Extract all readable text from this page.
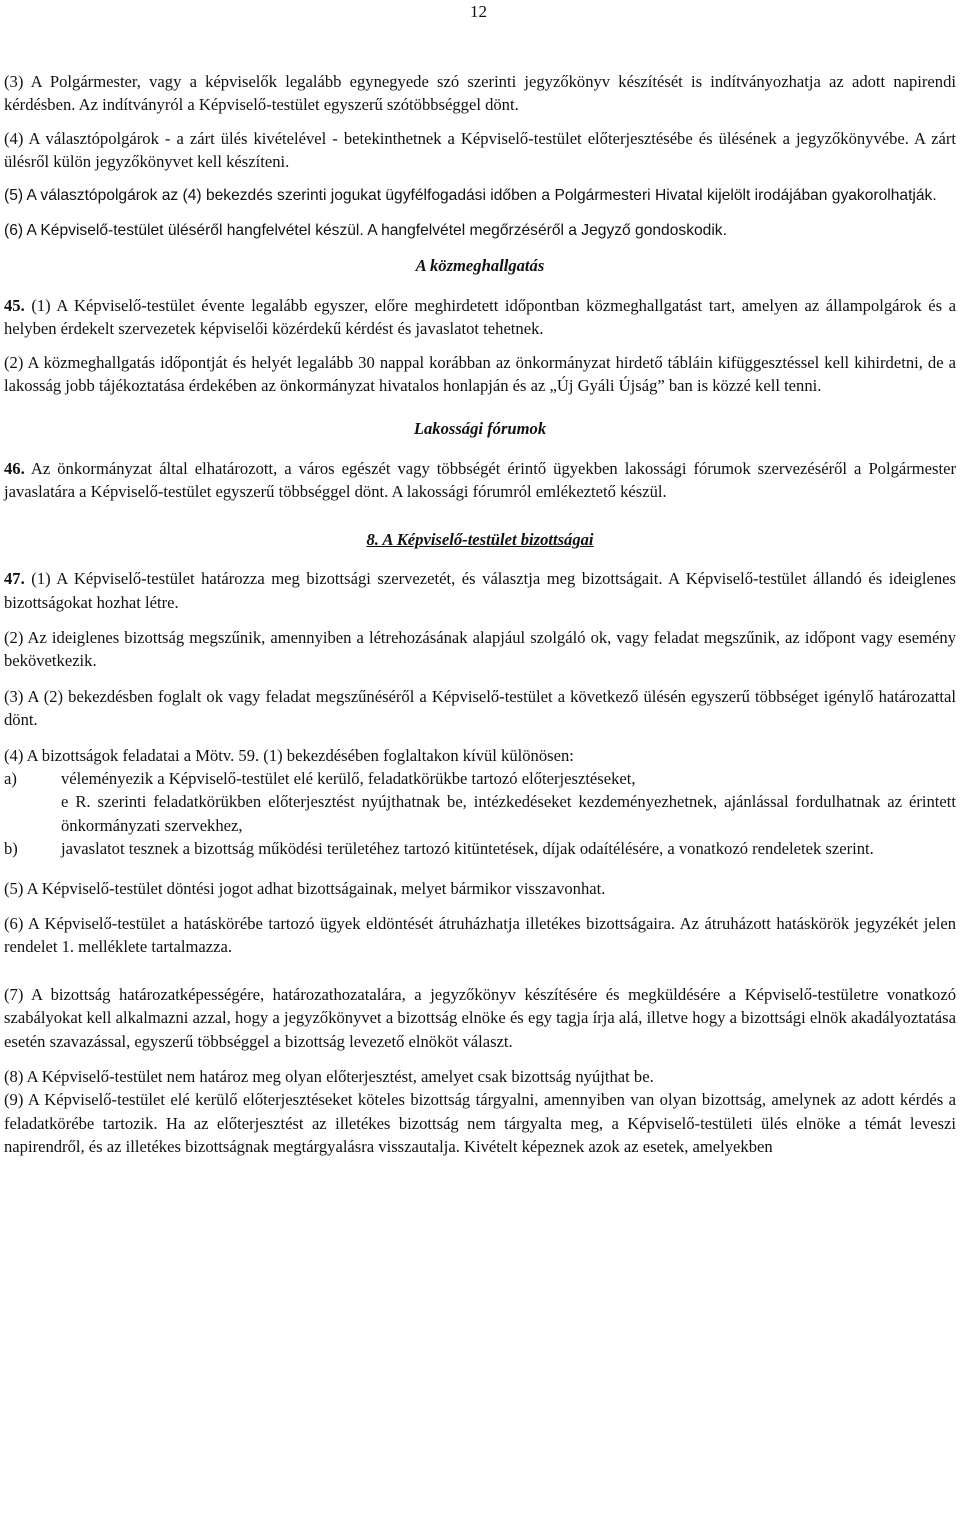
12

(3) A Polgármester, vagy a képviselők legalább egynegyede szó szerinti jegyzőkönyv készítését is indítványozhatja az adott napirendi kérdésben. Az indítványról a Képviselő-testület egyszerű szótöbbséggel dönt.

(4) A választópolgárok - a zárt ülés kivételével - betekinthetnek a Képviselő-testület előterjesztésébe és ülésének a jegyzőkönyvébe. A zárt ülésről külön jegyzőkönyvet kell készíteni.

(5) A választópolgárok az (4) bekezdés szerinti jogukat ügyfélfogadási időben a Polgármesteri Hivatal kijelölt irodájában gyakorolhatják.

(6) A Képviselő-testület üléséről hangfelvétel készül. A hangfelvétel megőrzéséről a Jegyző gondoskodik.

A közmeghallgatás

45. (1) A Képviselő-testület évente legalább egyszer, előre meghirdetett időpontban közmeghallgatást tart, amelyen az állampolgárok és a helyben érdekelt szervezetek képviselői közérdekű kérdést és javaslatot tehetnek.

(2) A közmeghallgatás időpontját és helyét legalább 30 nappal korábban az önkormányzat hirdető tábláin kifüggesztéssel kell kihirdetni, de a lakosság jobb tájékoztatása érdekében az önkormányzat hivatalos honlapján és az „Új Gyáli Újság” ban is közzé kell tenni.

Lakossági fórumok

46. Az önkormányzat által elhatározott, a város egészét vagy többségét érintő ügyekben lakossági fórumok szervezéséről a Polgármester javaslatára a Képviselő-testület egyszerű többséggel dönt. A lakossági fórumról emlékeztető készül.

8. A Képviselő-testület bizottságai

47. (1) A Képviselő-testület határozza meg bizottsági szervezetét, és választja meg bizottságait. A Képviselő-testület állandó és ideiglenes bizottságokat hozhat létre.

(2) Az ideiglenes bizottság megszűnik, amennyiben a létrehozásának alapjául szolgáló ok, vagy feladat megszűnik, az időpont vagy esemény bekövetkezik.

(3) A (2) bekezdésben foglalt ok vagy feladat megszűnéséről a Képviselő-testület a következő ülésén egyszerű többséget igénylő határozattal dönt.

(4) A bizottságok feladatai a Mötv. 59. (1) bekezdésében foglaltakon kívül különösen:

a)	véleményezik a Képviselő-testület elé kerülő, feladatkörükbe tartozó előterjesztéseket,
e R. szerinti feladatkörükben előterjesztést nyújthatnak be, intézkedéseket kezdeményezhetnek, ajánlással fordulhatnak az érintett önkormányzati szervekhez,
b)	javaslatot tesznek a bizottság működési területéhez tartozó kitüntetések, díjak odaítélésére, a vonatkozó rendeletek szerint.

(5) A Képviselő-testület döntési jogot adhat bizottságainak, melyet bármikor visszavonhat.

(6) A Képviselő-testület a hatáskörébe tartozó ügyek eldöntését átruházhatja illetékes bizottságaira. Az átruházott hatáskörök jegyzékét jelen rendelet 1. melléklete tartalmazza.

(7) A bizottság határozatképességére, határozathozatalára, a jegyzőkönyv készítésére és megküldésére a Képviselő-testületre vonatkozó szabályokat kell alkalmazni azzal, hogy a jegyzőkönyvet a bizottság elnöke és egy tagja írja alá, illetve hogy a bizottsági elnök akadályoztatása esetén szavazással, egyszerű többséggel a bizottság levezető elnököt választ.

(8) A Képviselő-testület nem határoz meg olyan előterjesztést, amelyet csak bizottság nyújthat be.

(9) A Képviselő-testület elé kerülő előterjesztéseket köteles bizottság tárgyalni, amennyiben van olyan bizottság, amelynek az adott kérdés a feladatkörébe tartozik. Ha az előterjesztést az illetékes bizottság nem tárgyalta meg, a Képviselő-testületi ülés elnöke a témát leveszi napirendről, és az illetékes bizottságnak megtárgyalásra visszautalja. Kivételt képeznek azok az esetek, amelyekben
